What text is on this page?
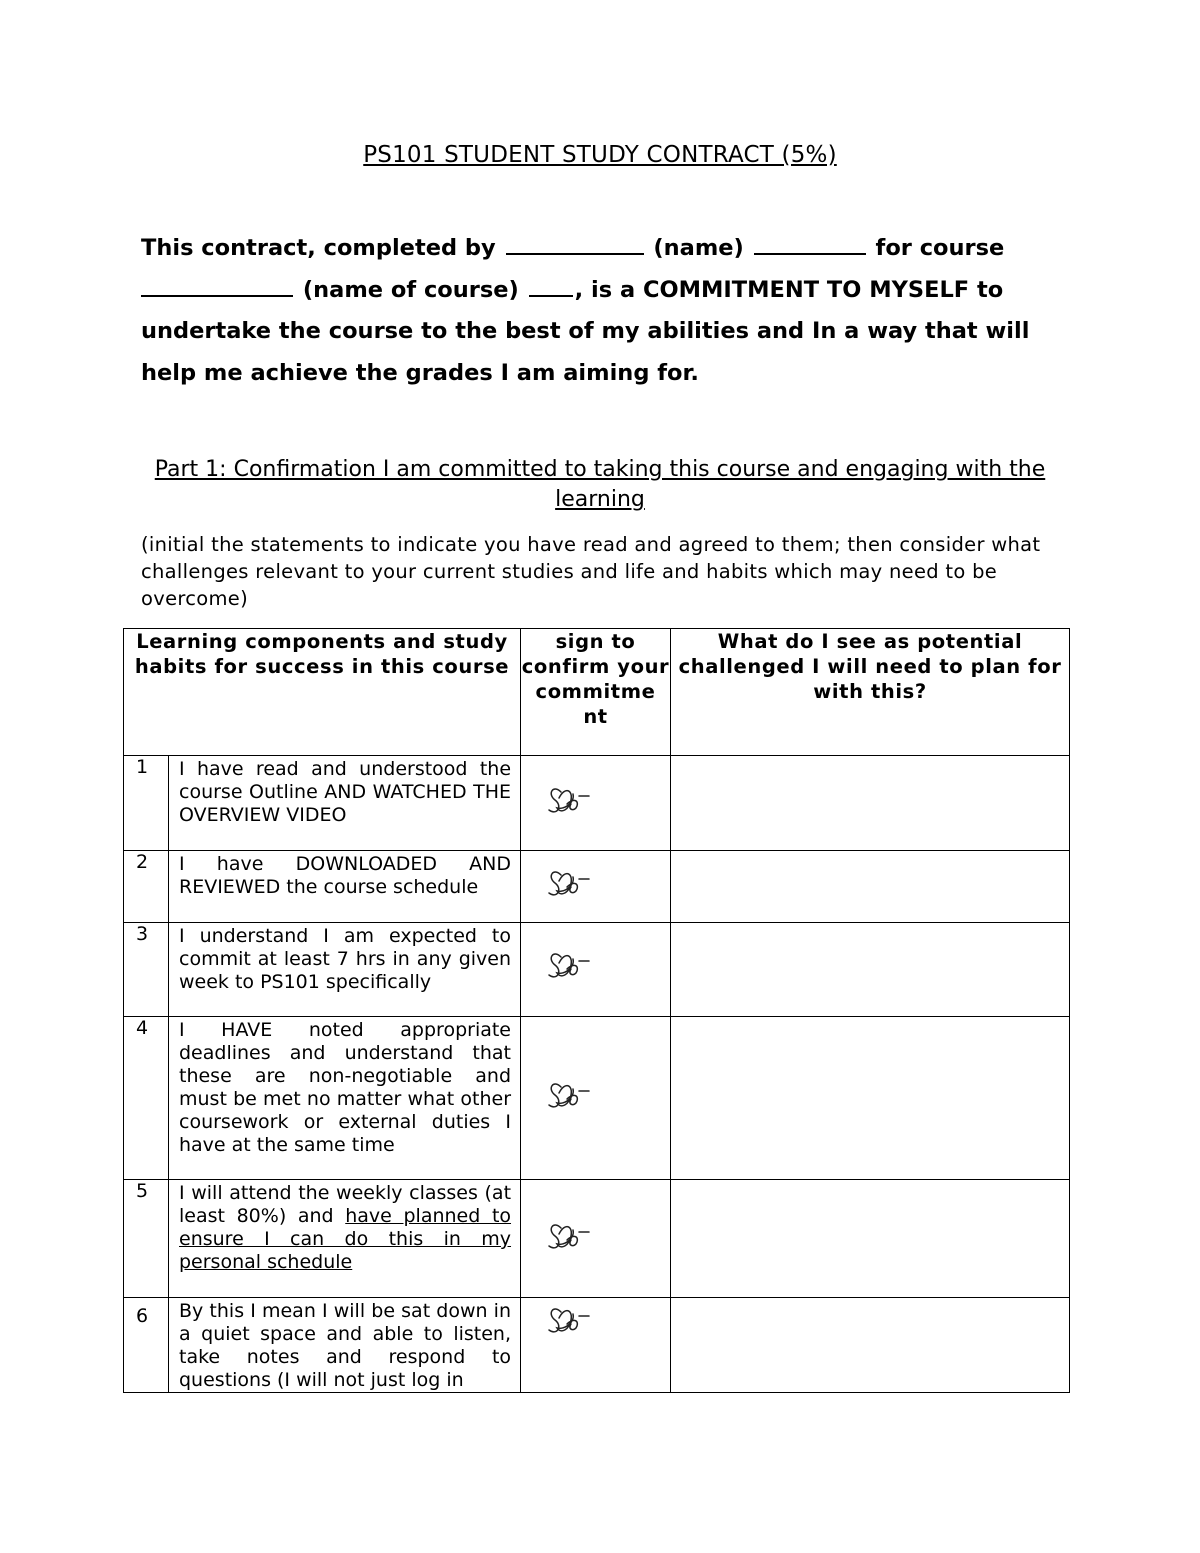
PS101 STUDENT STUDY CONTRACT (5%)

This contract, completed by	(name)	for course
(name of course) , is a COMMITMENT TO MYSELF to undertake the course to the best of my abilities and In a way that will help me achieve the grades I am aiming for.

Part 1: Confirmation I am committed to taking this course and engaging with the learning

(initial the statements to indicate you have read and agreed to them; then consider what challenges relevant to your current studies and life and habits which may need to be overcome)

Learning components and study habits for success in this course		sign to confirm your commitme nt	What do I see as potential challenged I will need to plan for with this?
1	I have read and understood the course Outline AND WATCHED THE OVERVIEW VIDEO	

2	I have DOWNLOADED AND REVIEWED the course schedule	

3	I understand I am expected to commit at least 7 hrs in any given week to PS101 specifically	

4	I HAVE noted appropriate deadlines and understand that these are non-negotiable and must be met no matter what other coursework or external duties I have at the same time	

5	I will attend the weekly classes (at least 80%) and have planned to ensure I can do this in my personal schedule	

6	By this I mean I will be sat down in a quiet space and able to listen, take notes and respond to questions (I will not just log in	
